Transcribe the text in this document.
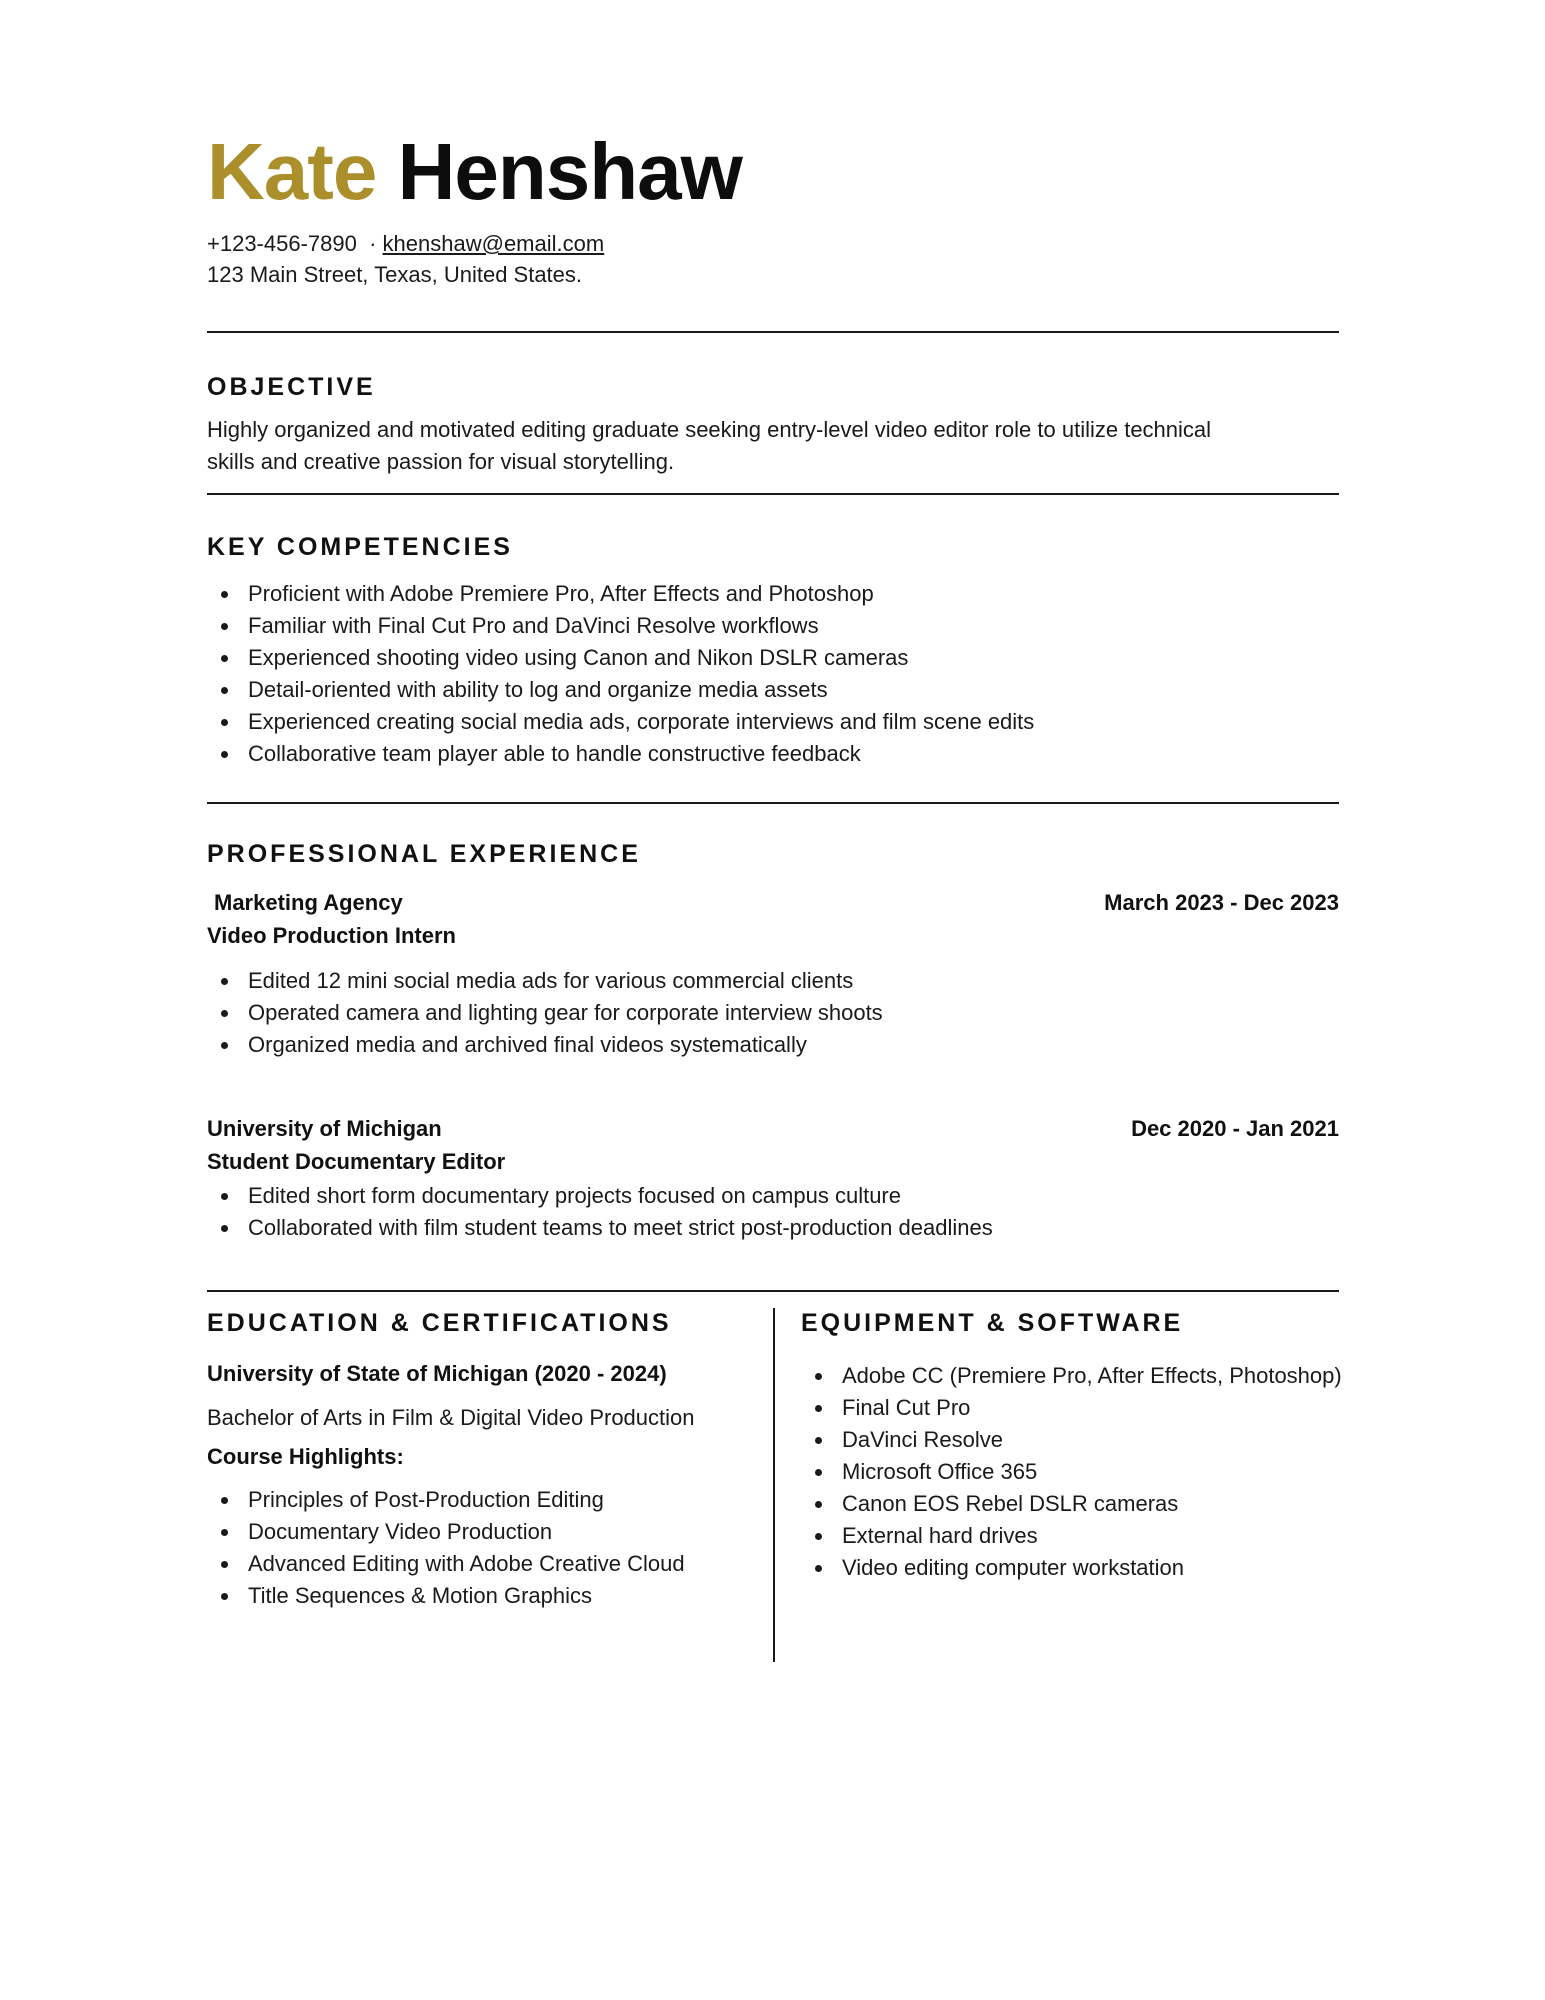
Kate Henshaw
+123-456-7890 · khenshaw@email.com
123 Main Street, Texas, United States.
OBJECTIVE
Highly organized and motivated editing graduate seeking entry-level video editor role to utilize technical
skills and creative passion for visual storytelling.
KEY COMPETENCIES
Proficient with Adobe Premiere Pro, After Effects and Photoshop
Familiar with Final Cut Pro and DaVinci Resolve workflows
Experienced shooting video using Canon and Nikon DSLR cameras
Detail-oriented with ability to log and organize media assets
Experienced creating social media ads, corporate interviews and film scene edits
Collaborative team player able to handle constructive feedback
PROFESSIONAL EXPERIENCE
Marketing Agency	March 2023 - Dec 2023
Video Production Intern
Edited 12 mini social media ads for various commercial clients
Operated camera and lighting gear for corporate interview shoots
Organized media and archived final videos systematically
University of Michigan	Dec 2020 - Jan 2021
Student Documentary Editor
Edited short form documentary projects focused on campus culture
Collaborated with film student teams to meet strict post-production deadlines
EDUCATION & CERTIFICATIONS
University of State of Michigan (2020 - 2024)
Bachelor of Arts in Film & Digital Video Production
Course Highlights:
Principles of Post-Production Editing
Documentary Video Production
Advanced Editing with Adobe Creative Cloud
Title Sequences & Motion Graphics
EQUIPMENT & SOFTWARE
Adobe CC (Premiere Pro, After Effects, Photoshop)
Final Cut Pro
DaVinci Resolve
Microsoft Office 365
Canon EOS Rebel DSLR cameras
External hard drives
Video editing computer workstation
